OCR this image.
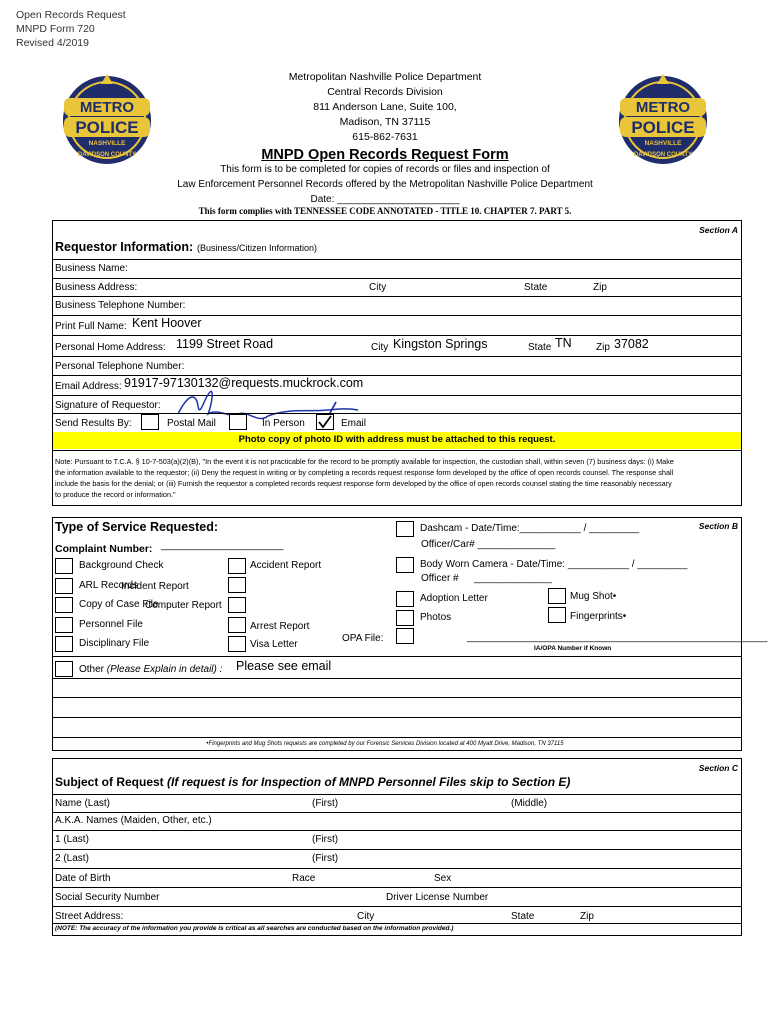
Open Records Request
MNPD Form 720
Revised 4/2019
METRO
POLICE
NASHVILLE
DAVIDSON COUNTY
METRO
POLICE
NASHVILLE
DAVIDSON COUNTY
Metropolitan Nashville Police Department
Central Records Division
811 Anderson Lane, Suite 100,
Madison, TN 37115
615-862-7631
MNPD Open Records Request Form
This form is to be completed for copies of records or files and inspection of
Law Enforcement Personnel Records offered by the Metropolitan Nashville Police Department
Date: ______________________
This form complies with TENNESSEE CODE ANNOTATED - TITLE 10. CHAPTER 7. PART 5.
Section A
Requestor Information: (Business/Citizen Information)
Business Name:
Business Address:	City	State	Zip
Business Telephone Number:
Print Full Name: Kent Hoover
Personal Home Address: 1199 Street Road	City Kingston Springs	State TN Zip 37082
Personal Telephone Number:
Email Address: 91917-97130132@requests.muckrock.com
Signature of Requestor:
Send Results By:	Postal Mail	In Person	Email
Photo copy of photo ID with address must be attached to this request.
Note: Pursuant to T.C.A. § 10-7-503(a)(2)(B), "In the event it is not practicable for the record to be promptly available for inspection, the custodian shall, within seven (7) business days: (i) Make
the information available to the requestor; (ii) Deny the request in writing or by completing a records request response form developed by the office of open records counsel. The response shall
include the basis for the denial; or (iii) Furnish the requestor a completed records request response form developed by the office of open records counsel stating the time reasonably necessary
to produce the record or information."
Section B
Type of Service Requested:
Complaint Number: ______________________
Background Check
ARL Records
Copy of Case File
Personnel File
Disciplinary File
Accident Report
Incident Report
Computer Report
Arrest Report
Visa Letter
OPA File:
Dashcam - Date/Time:___________ / _________
Officer/Car# ______________
Body Worn Camera - Date/Time: ___________ / _________
Officer # ______________
Adoption Letter
Photos
Mug Shot•
Fingerprints•
______________________________________________________
IA/OPA Number if Known
Other (Please Explain in detail) : Please see email
•Fingerprints and Mug Shots requests are completed by our Forensic Services Division located at 400 Myatt Drive, Madison, TN 37115
Section C
Subject of Request (If request is for Inspection of MNPD Personnel Files skip to Section E)
Name (Last)	(First)	(Middle)
A.K.A. Names (Maiden, Other, etc.)
1 (Last)	(First)
2 (Last)	(First)
Date of Birth	Race	Sex
Social Security Number	Driver License Number
Street Address:	City	State	Zip
(NOTE: The accuracy of the information you provide is critical as all searches are conducted based on the information provided.)
